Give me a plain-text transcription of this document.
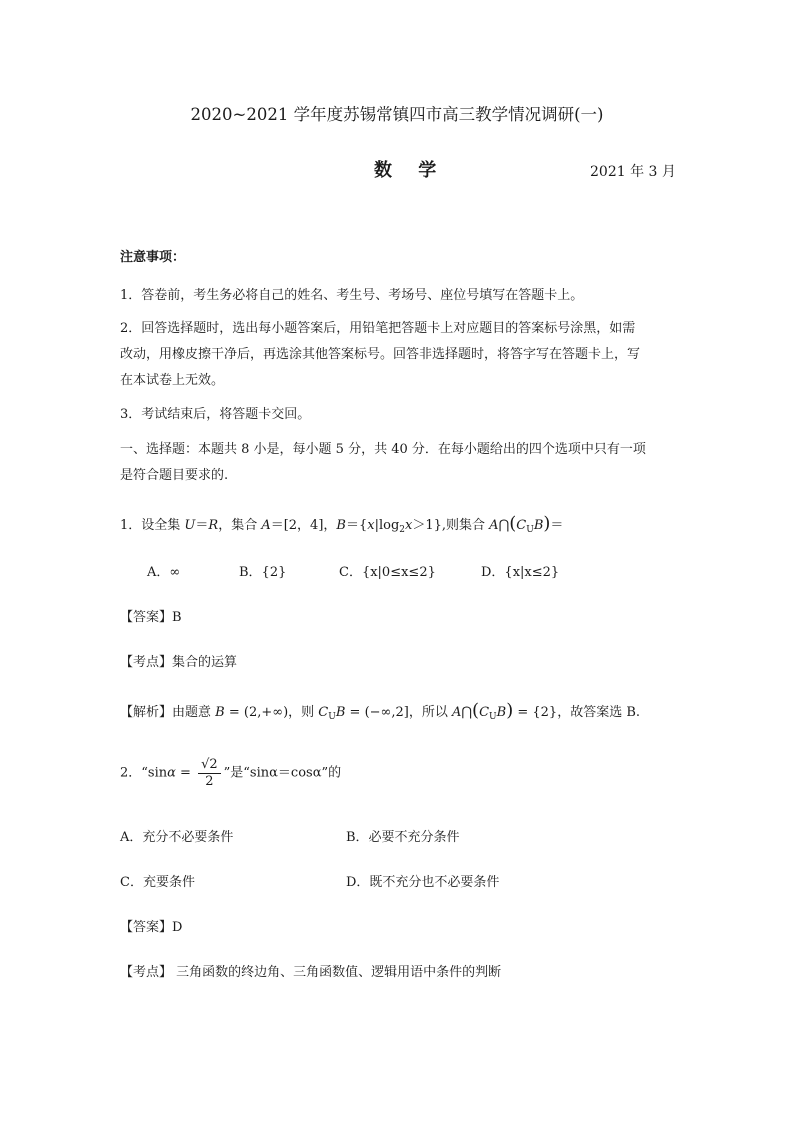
2020~2021 学年度苏锡常镇四市高三教学情况调研(一)
数 学	2021 年 3 月
注意事项：
1．答卷前，考生务必将自己的姓名、考生号、考场号、座位号填写在答题卡上。
2．回答选择题时，选出每小题答案后，用铅笔把答题卡上对应题目的答案标号涂黑，如需
改动，用橡皮擦干净后，再选涂其他答案标号。回答非选择题时，将答字写在答题卡上，写
在本试卷上无效。
3．考试结束后，将答题卡交回。
一、选择题：本题共 8 小是，每小题 5 分，共 40 分．在每小题给出的四个选项中只有一项
是符合题目要求的.
1．设全集 U＝R，集合 A＝[2，4]，$B=\{x|\log_2x>1\}$,则集合 $A⋂(C_UB)=$
A．∞	B．{2}	C．{x|0≤x≤2}	D．{x|x≤2}
【答案】B
【考点】集合的运算
【解析】由题意 B = (2,+∞)，则 $C_UB = (-\infty,2]$，所以 $A⋂(C_UB) = \{2\}$，故答案选 B.
2．“$\sin\alpha = \frac{√2}{2}$ ”是“sinα＝cosα”的
A．充分不必要条件	B．必要不充分条件
C．充要条件	D．既不充分也不必要条件
【答案】D
【考点】 三角函数的终边角、三角函数值、逻辑用语中条件的判断
